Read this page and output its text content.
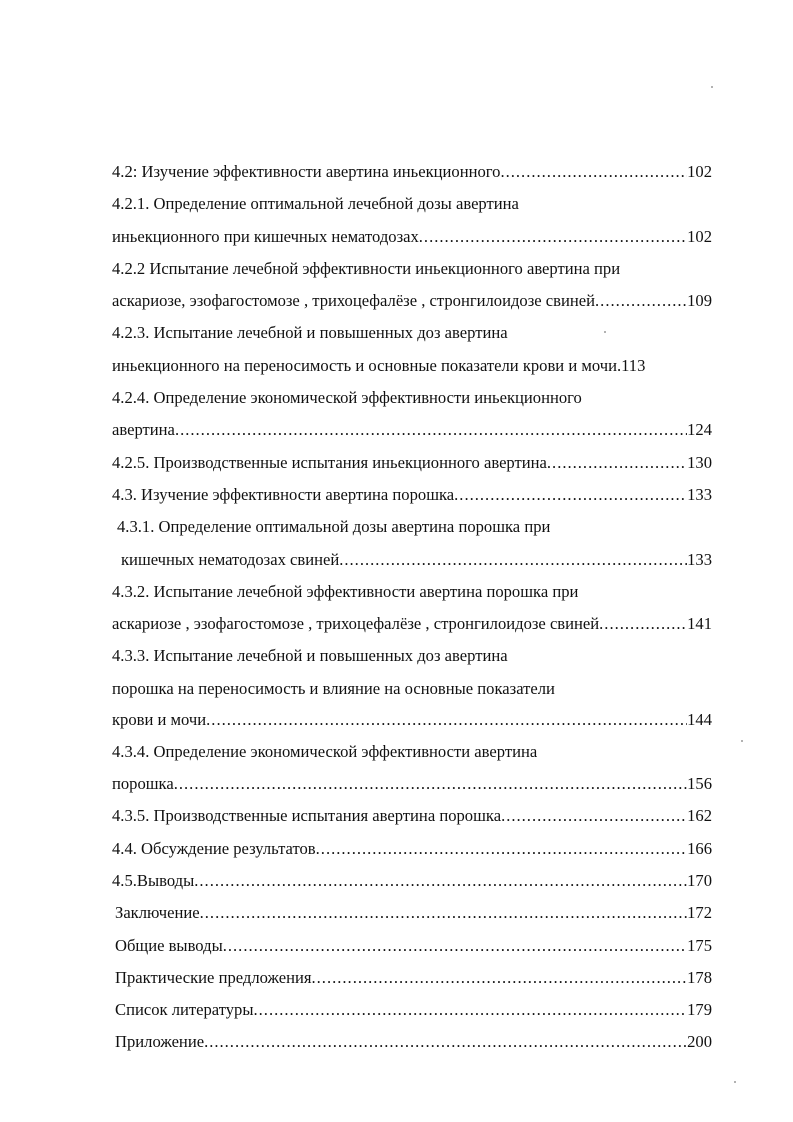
4.2: Изучение эффективности авертина иньекционного .....	102
4.2.1. Определение оптимальной лечебной дозы авертина
иньекционного при кишечных нематодозах .....	102
4.2.2 Испытание лечебной эффективности иньекционного авертина при
аскариозе, эзофагостомозе , трихоцефалёзе , стронгилоидозе свиней .....	109
4.2.3. Испытание лечебной и повышенных доз авертина
иньекционного на переносимость и основные показатели крови и мочи.113
4.2.4. Определение экономической эффективности иньекционного
авертина .....	124
4.2.5. Производственные испытания иньекционного авертина .....	130
4.3. Изучение эффективности авертина порошка .....	133
4.3.1. Определение оптимальной дозы авертина порошка при
кишечных нематодозах свиней .....	133
4.3.2. Испытание лечебной эффективности авертина порошка при
аскариозе , эзофагостомозе , трихоцефалёзе , стронгилоидозе свиней .....	141
4.3.3. Испытание лечебной и повышенных доз авертина
порошка на переносимость и влияние на основные показатели
крови и мочи .....	144
4.3.4. Определение экономической эффективности авертина
порошка .....	156
4.3.5. Производственные испытания авертина порошка .....	162
4.4. Обсуждение результатов .....	166
4.5.Выводы .....	170
Заключение .....	172
Общие выводы .....	175
Практические предложения .....	178
Список литературы .....	179
Приложение .....	200
